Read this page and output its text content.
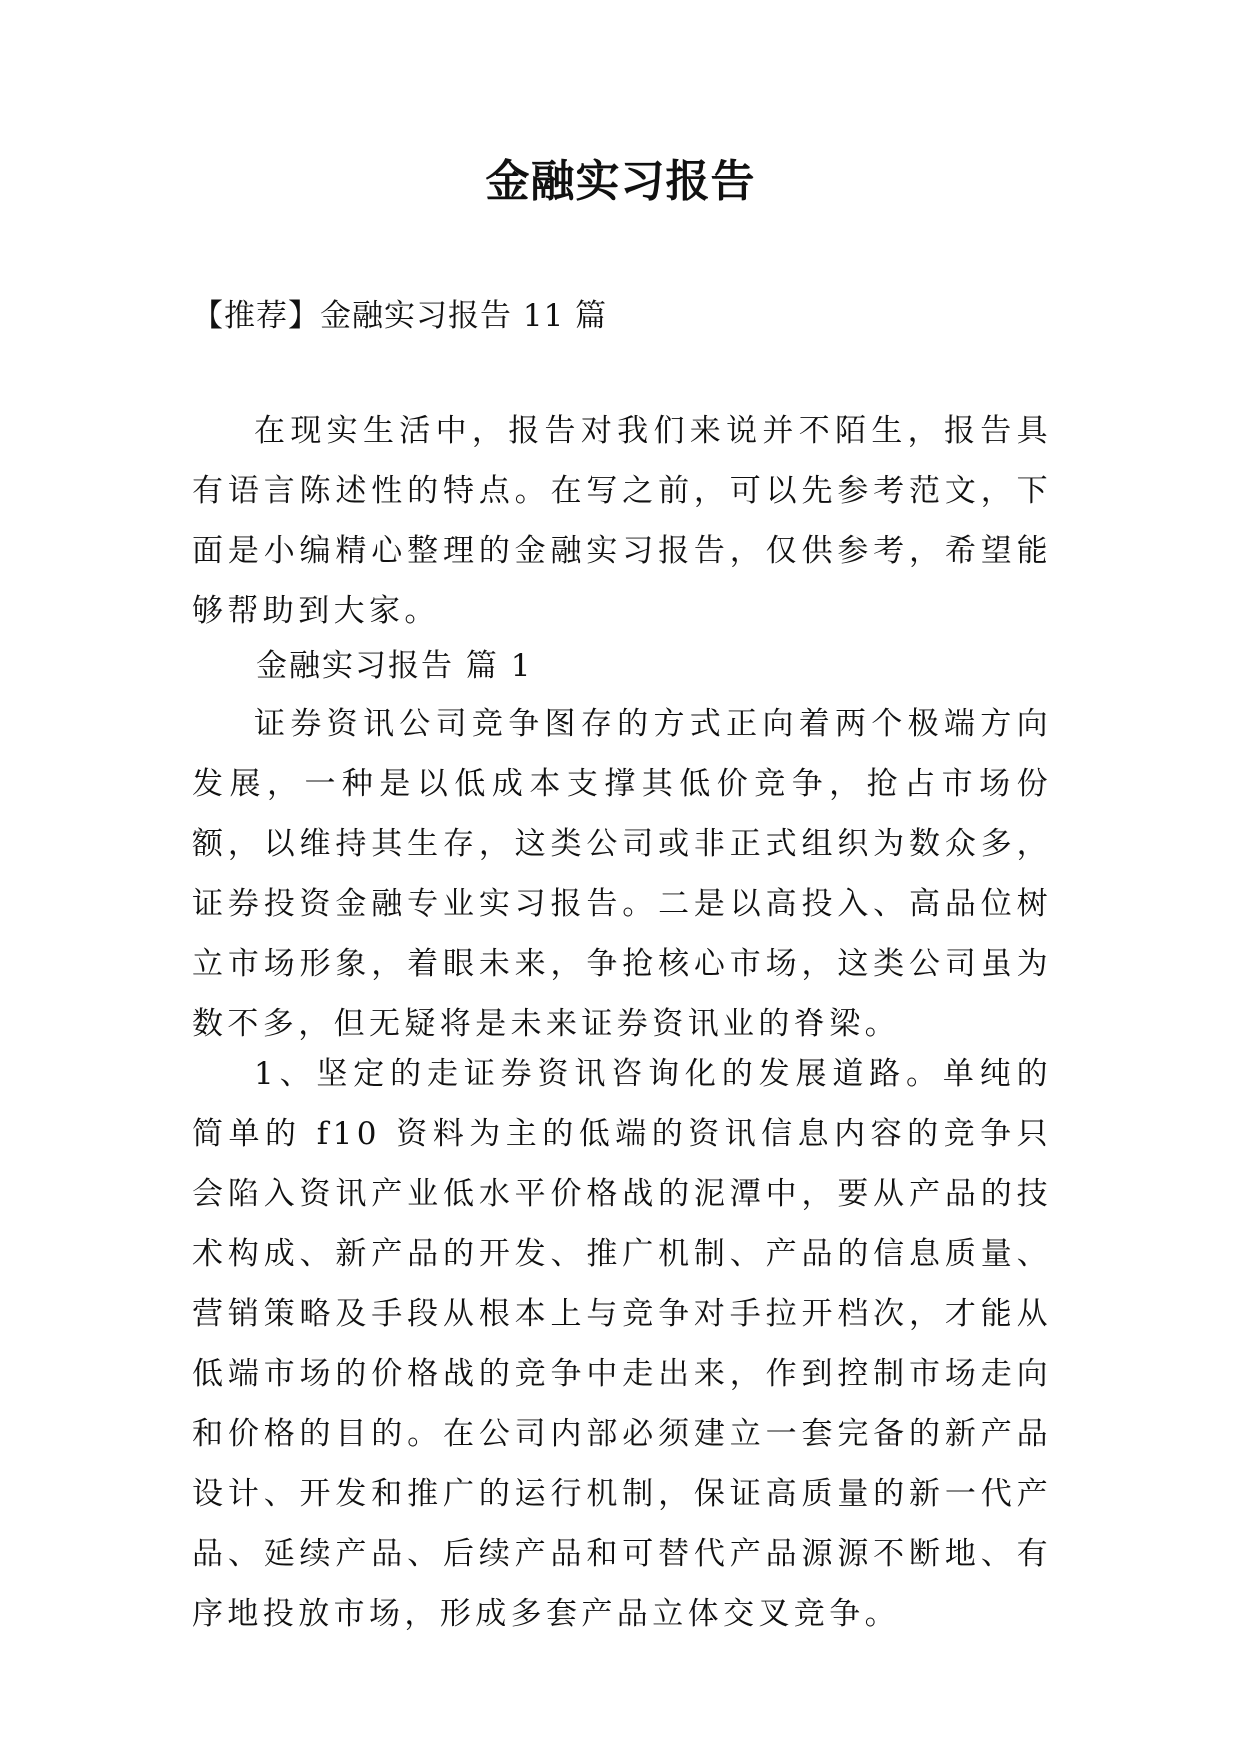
金融实习报告
【推荐】金融实习报告 11 篇
在现实生活中，报告对我们来说并不陌生，报告具有语言陈述性的特点。在写之前，可以先参考范文，下面是小编精心整理的金融实习报告，仅供参考，希望能够帮助到大家。
金融实习报告 篇 1
证券资讯公司竞争图存的方式正向着两个极端方向发展，一种是以低成本支撑其低价竞争，抢占市场份额，以维持其生存，这类公司或非正式组织为数众多，证券投资金融专业实习报告。二是以高投入、高品位树立市场形象，着眼未来，争抢核心市场，这类公司虽为数不多，但无疑将是未来证券资讯业的脊梁。
1、坚定的走证券资讯咨询化的发展道路。单纯的简单的 f10 资料为主的低端的资讯信息内容的竞争只会陷入资讯产业低水平价格战的泥潭中，要从产品的技术构成、新产品的开发、推广机制、产品的信息质量、营销策略及手段从根本上与竞争对手拉开档次，才能从低端市场的价格战的竞争中走出来，作到控制市场走向和价格的目的。在公司内部必须建立一套完备的新产品设计、开发和推广的运行机制，保证高质量的新一代产品、延续产品、后续产品和可替代产品源源不断地、有序地投放市场，形成多套产品立体交叉竞争。
